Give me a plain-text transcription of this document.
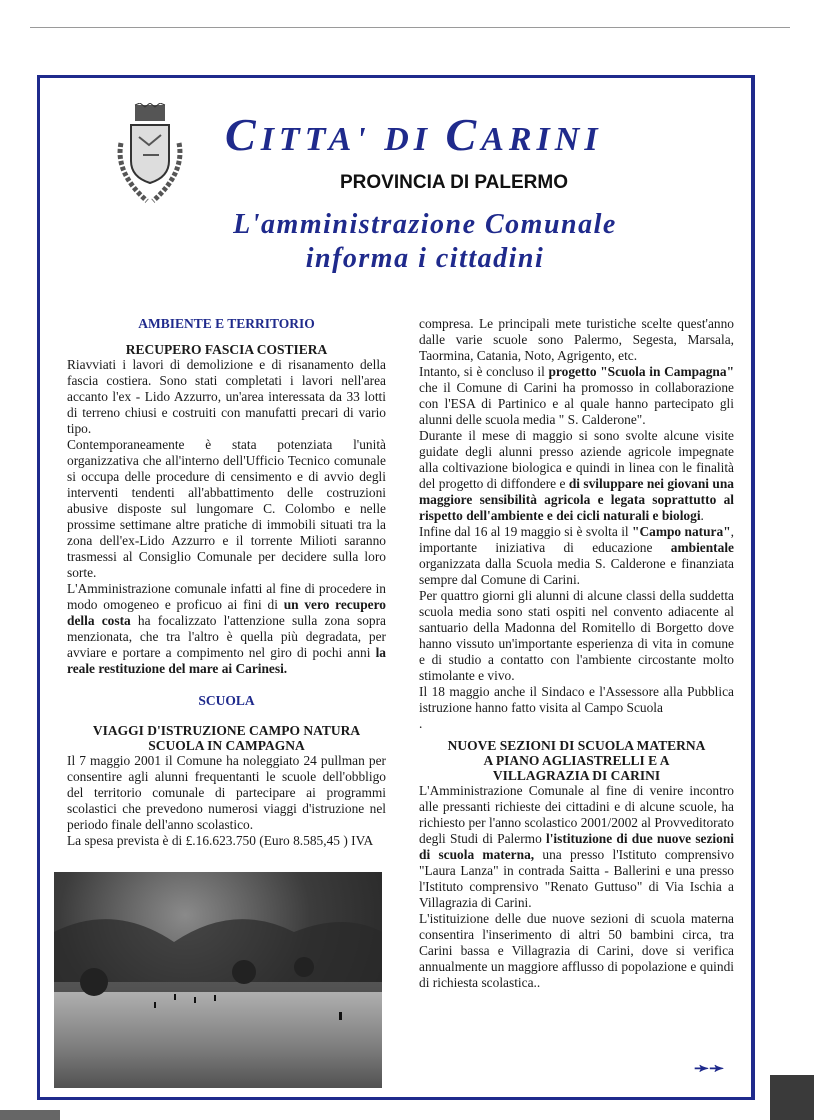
CITTA' DI CARINI
PROVINCIA DI PALERMO
L'amministrazione Comunale
informa i cittadini
AMBIENTE E TERRITORIO
RECUPERO FASCIA COSTIERA

Riavviati i lavori di demolizione e di risanamento della fascia costiera. Sono stati completati i lavori nell'area accanto l'ex - Lido Azzurro, un'area interessata da 33 lotti di terreno chiusi e costruiti con manufatti precari di vario tipo.

Contemporaneamente è stata potenziata l'unità organizzativa che all'interno dell'Ufficio Tecnico comunale si occupa delle procedure di censimento e di avvio degli interventi tendenti all'abbattimento delle costruzioni abusive disposte sul lungomare C. Colombo e nelle prossime settimane altre pratiche di immobili situati tra la zona dell'ex-Lido Azzurro e il torrente Milioti saranno trasmessi al Consiglio Comunale per decidere sulla loro sorte.

L'Amministrazione comunale infatti al fine di procedere in modo omogeneo e proficuo ai fini di un vero recupero della costa ha focalizzato l'attenzione sulla zona sopra menzionata, che tra l'altro è quella più degradata, per avviare e portare a compimento nel giro di pochi anni la reale restituzione del mare ai Carinesi.

SCUOLA
VIAGGI D'ISTRUZIONE CAMPO NATURA
SCUOLA IN CAMPAGNA

Il 7 maggio 2001 il Comune ha noleggiato 24 pullman per consentire agli alunni frequentanti le scuole dell'obbligo del territorio comunale di partecipare ai programmi scolastici che prevedono numerosi viaggi d'istruzione nel periodo finale dell'anno scolastico.

La spesa prevista è di £.16.623.750 (Euro 8.585,45 ) IVA

compresa. Le principali mete turistiche scelte quest'anno dalle varie scuole sono Palermo, Segesta, Marsala, Taormina, Catania, Noto, Agrigento, etc.

Intanto, si è concluso il progetto "Scuola in Campagna" che il Comune di Carini ha promosso in collaborazione con l'ESA di Partinico e al quale hanno partecipato gli alunni delle scuola media " S. Calderone".

Durante il mese di maggio si sono svolte alcune visite guidate degli alunni presso aziende agricole impegnate alla coltivazione biologica e quindi in linea con le finalità del progetto di diffondere e di sviluppare nei giovani una maggiore sensibilità agricola e legata soprattutto al rispetto dell'ambiente e dei cicli naturali e biologi.

Infine dal 16 al 19 maggio si è svolta il "Campo natura", importante iniziativa di educazione ambientale organizzata dalla Scuola media S. Calderone e finanziata sempre dal Comune di Carini.

Per quattro giorni gli alunni di alcune classi della suddetta scuola media sono stati ospiti nel convento adiacente al santuario della Madonna del Romitello di Borgetto dove hanno vissuto un'importante esperienza di vita in comune e di studio a contatto con l'ambiente circostante molto stimolante e vivo.

Il 18 maggio anche il Sindaco e l'Assessore alla Pubblica istruzione hanno fatto visita al Campo Scuola

.
NUOVE SEZIONI DI SCUOLA MATERNA
A PIANO AGLIASTRELLI E A
VILLAGRAZIA DI CARINI

L'Amministrazione Comunale al fine di venire incontro alle pressanti richieste dei cittadini e di alcune scuole, ha richiesto per l'anno scolastico 2001/2002 al Provveditorato degli Studi di Palermo l'istituzione di due nuove sezioni di scuola materna, una presso l'Istituto comprensivo "Laura Lanza" in contrada Saitta - Ballerini e una presso l'Istituto comprensivo "Renato Guttuso" di Via Ischia a Villagrazia di Carini.

L'istituizione delle due nuove sezioni di scuola materna consentira l'inserimento di altri 50 bambini circa, tra Carini bassa e Villagrazia di Carini, dove si verifica annualmente un maggiore afflusso di popolazione e quindi di richiesta scolastica..

➛➛
